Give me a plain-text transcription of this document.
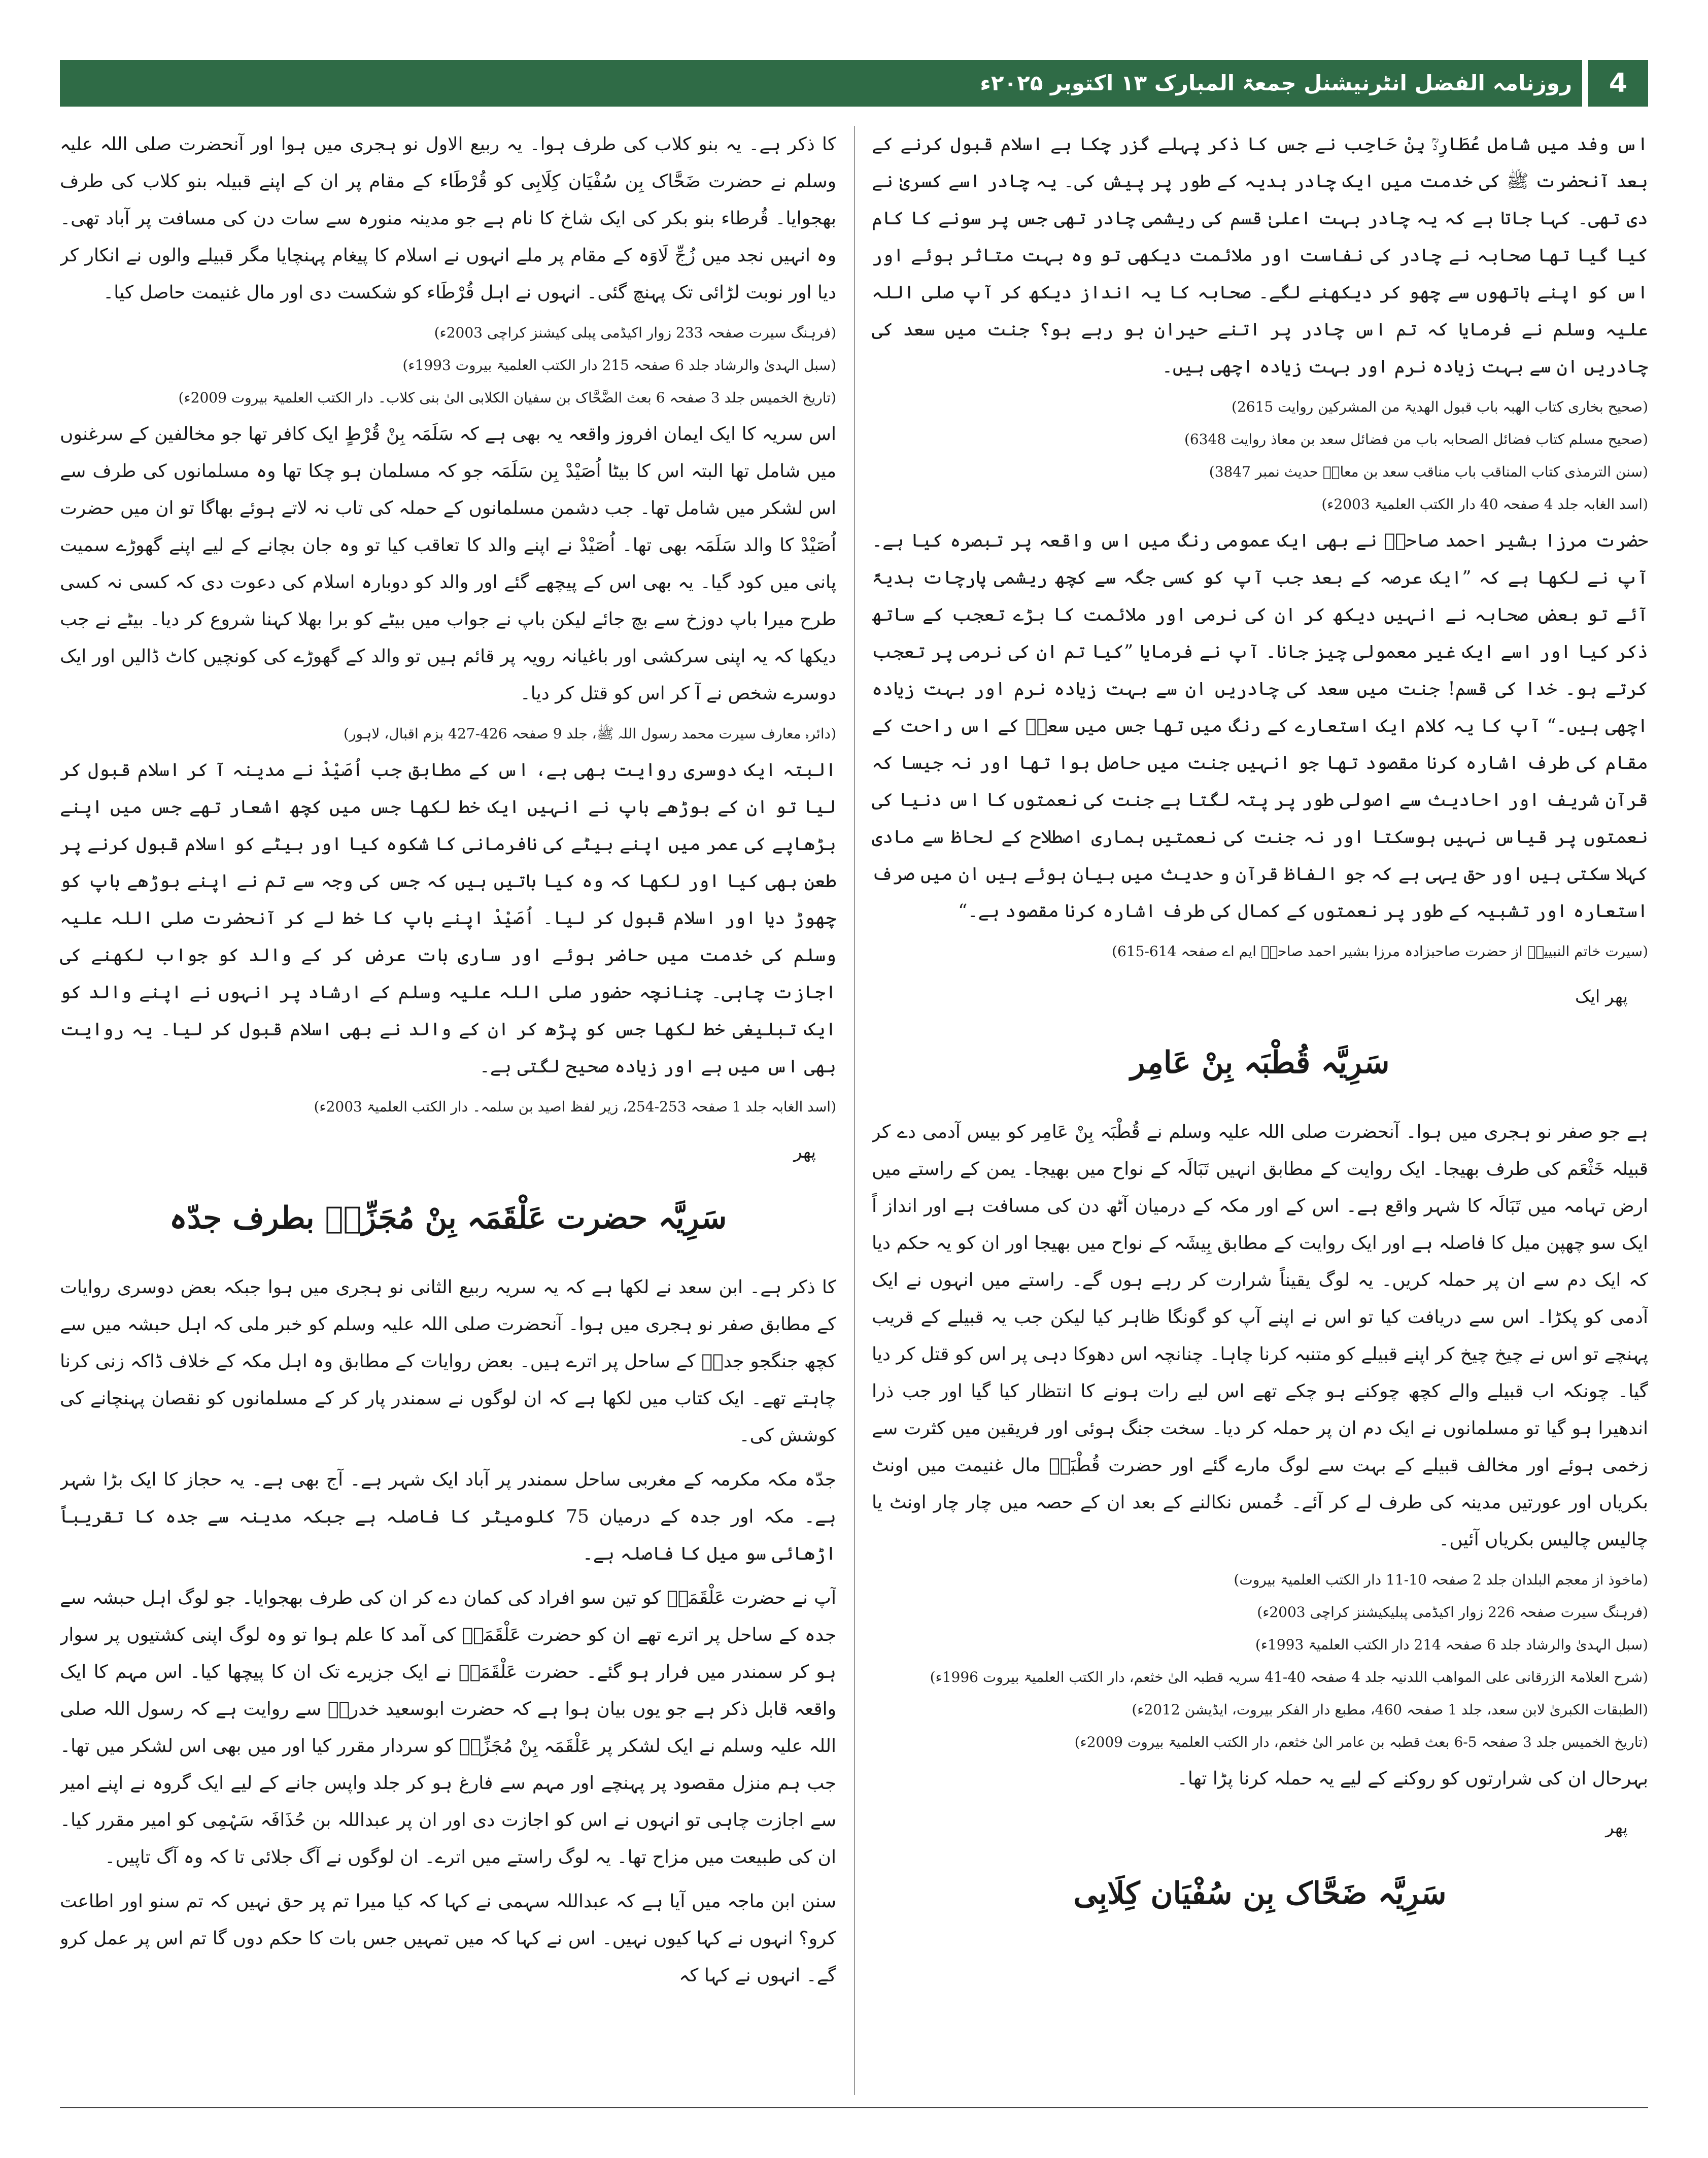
روزنامہ الفضل انٹرنیشنل جمعۃ المبارک ۱۳ اکتوبر ۲۰۲۵ء	4

اس وفد میں شامل عُطَارِدؒ بِنْ حَاجِب نے جس کا ذکر پہلے گزر چکا ہے اسلام قبول کرنے کے بعد آنحضرت ﷺ کی خدمت میں ایک چادر ہدیہ کے طور پر پیش کی۔ یہ چادر اسے کسریٰ نے دی تھی۔ کہا جاتا ہے کہ یہ چادر بہت اعلیٰ قسم کی ریشمی چادر تھی جس پر سونے کا کام کیا گیا تھا صحابہ نے چادر کی نفاست اور ملائمت دیکھی تو وہ بہت متاثر ہوئے اور اس کو اپنے ہاتھوں سے چھو کر دیکھنے لگے۔ صحابہ کا یہ انداز دیکھ کر آپ صلی اللہ علیہ وسلم نے فرمایا کہ تم اس چادر پر اتنے حیران ہو رہے ہو؟ جنت میں سعد کی چادریں ان سے بہت زیادہ نرم اور بہت زیادہ اچھی ہیں۔

(صحیح بخاری کتاب الھبہ باب قبول الھدیۃ من المشرکین روایت 2615)

(صحیح مسلم کتاب فضائل الصحابہ باب من فضائل سعد بن معاذ روایت 6348)

(سنن الترمذی کتاب المناقب باب مناقب سعد بن معاذؓ حدیث نمبر 3847)

(اسد الغابہ جلد 4 صفحہ 40 دار الکتب العلمیۃ 2003ء)

حضرت مرزا بشیر احمد صاحبؓ نے بھی ایک عمومی رنگ میں اس واقعہ پر تبصرہ کیا ہے۔ آپ نے لکھا ہے کہ ”ایک عرصہ کے بعد جب آپ کو کسی جگہ سے کچھ ریشمی پارچات ہدیۃً آئے تو بعض صحابہ نے انہیں دیکھ کر ان کی نرمی اور ملائمت کا بڑے تعجب کے ساتھ ذکر کیا اور اسے ایک غیر معمولی چیز جانا۔ آپ نے فرمایا ”کیا تم ان کی نرمی پر تعجب کرتے ہو۔ خدا کی قسم! جنت میں سعد کی چادریں ان سے بہت زیادہ نرم اور بہت زیادہ اچھی ہیں۔“ آپ کا یہ کلام ایک استعارے کے رنگ میں تھا جس میں سعدؓ کے اس راحت کے مقام کی طرف اشارہ کرنا مقصود تھا جو انہیں جنت میں حاصل ہوا تھا اور نہ جیسا کہ قرآن شریف اور احادیث سے اصولی طور پر پتہ لگتا ہے جنت کی نعمتوں کا اس دنیا کی نعمتوں پر قیاس نہیں ہوسکتا اور نہ جنت کی نعمتیں ہماری اصطلاح کے لحاظ سے مادی کہلا سکتی ہیں اور حق یہی ہے کہ جو الفاظ قرآن و حدیث میں بیان ہوئے ہیں ان میں صرف استعارہ اور تشبیہ کے طور پر نعمتوں کے کمال کی طرف اشارہ کرنا مقصود ہے۔“

(سیرت خاتم النبیینؐ از حضرت صاحبزادہ مرزا بشیر احمد صاحبؓ ایم اے صفحہ 614-615)

پھر ایک
سَرِیَّہ قُطْبَہ بِنْ عَامِر

ہے جو صفر نو ہجری میں ہوا۔ آنحضرت صلی اللہ علیہ وسلم نے قُطْبَہ بِنْ عَامِر کو بیس آدمی دے کر قبیلہ خَثْعَم کی طرف بھیجا۔ ایک روایت کے مطابق انہیں تَبَالَہ کے نواح میں بھیجا۔ یمن کے راستے میں ارض تہامہ میں تَبَالَہ کا شہر واقع ہے۔ اس کے اور مکہ کے درمیان آٹھ دن کی مسافت ہے اور انداز اً ایک سو چھپن میل کا فاصلہ ہے اور ایک روایت کے مطابق بِیشَہ کے نواح میں بھیجا اور ان کو یہ حکم دیا کہ ایک دم سے ان پر حملہ کریں۔ یہ لوگ یقیناً شرارت کر رہے ہوں گے۔ راستے میں انہوں نے ایک آدمی کو پکڑا۔ اس سے دریافت کیا تو اس نے اپنے آپ کو گونگا ظاہر کیا لیکن جب یہ قبیلے کے قریب پہنچے تو اس نے چیخ چیخ کر اپنے قبیلے کو متنبہ کرنا چاہا۔ چنانچہ اس دھوکا دہی پر اس کو قتل کر دیا گیا۔ چونکہ اب قبیلے والے کچھ چوکنے ہو چکے تھے اس لیے رات ہونے کا انتظار کیا گیا اور جب ذرا اندھیرا ہو گیا تو مسلمانوں نے ایک دم ان پر حملہ کر دیا۔ سخت جنگ ہوئی اور فریقین میں کثرت سے زخمی ہوئے اور مخالف قبیلے کے بہت سے لوگ مارے گئے اور حضرت قُطْبَہؓ مال غنیمت میں اونٹ بکریاں اور عورتیں مدینہ کی طرف لے کر آئے۔ خُمس نکالنے کے بعد ان کے حصہ میں چار چار اونٹ یا چالیس چالیس بکریاں آئیں۔

(ماخوذ از معجم البلدان جلد 2 صفحہ 10-11 دار الکتب العلمیۃ بیروت)

(فرہنگ سیرت صفحہ 226 زوار اکیڈمی پبلیکیشنز کراچی 2003ء)

(سبل الہدیٰ والرشاد جلد 6 صفحہ 214 دار الکتب العلمیۃ 1993ء)

(شرح العلامۃ الزرقانی علی المواھب اللدنیہ جلد 4 صفحہ 40-41 سریہ قطبہ الیٰ خثعم، دار الکتب العلمیۃ بیروت 1996ء)

(الطبقات الکبریٰ لابن سعد، جلد 1 صفحہ 460، مطبع دار الفکر بیروت، ایڈیشن 2012ء)

(تاریخ الخمیس جلد 3 صفحہ 5-6 بعث قطبہ بن عامر الیٰ خثعم، دار الکتب العلمیۃ بیروت 2009ء)

بہرحال ان کی شرارتوں کو روکنے کے لیے یہ حملہ کرنا پڑا تھا۔

پھر
سَرِیَّہ ضَحَّاک بِن سُفْیَان کِلَابِی

کا ذکر ہے۔ یہ بنو کلاب کی طرف ہوا۔ یہ ربیع الاول نو ہجری میں ہوا اور آنحضرت صلی اللہ علیہ وسلم نے حضرت ضَحَّاک بِن سُفْیَان کِلَابِی کو قُرْطَاء کے مقام پر ان کے اپنے قبیلہ بنو کلاب کی طرف بھجوایا۔ قُرطاء بنو بکر کی ایک شاخ کا نام ہے جو مدینہ منورہ سے سات دن کی مسافت پر آباد تھی۔ وہ انہیں نجد میں زُجِّ لَاوَہ کے مقام پر ملے انہوں نے اسلام کا پیغام پہنچایا مگر قبیلے والوں نے انکار کر دیا اور نوبت لڑائی تک پہنچ گئی۔ انہوں نے اہل قُرْطَاء کو شکست دی اور مال غنیمت حاصل کیا۔

(فرہنگ سیرت صفحہ 233 زوار اکیڈمی پبلی کیشنز کراچی 2003ء)

(سبل الہدیٰ والرشاد جلد 6 صفحہ 215 دار الکتب العلمیۃ بیروت 1993ء)

(تاریخ الخمیس جلد 3 صفحہ 6 بعث الضَّحَّاک بن سفیان الکلابی الیٰ بنی کلاب۔ دار الکتب العلمیۃ بیروت 2009ء)

اس سریہ کا ایک ایمان افروز واقعہ یہ بھی ہے کہ سَلَمَہ بِنْ قُرْطٍ ایک کافر تھا جو مخالفین کے سرغنوں میں شامل تھا البتہ اس کا بیٹا اُصَیْدْ بِن سَلَمَہ جو کہ مسلمان ہو چکا تھا وہ مسلمانوں کی طرف سے اس لشکر میں شامل تھا۔ جب دشمن مسلمانوں کے حملہ کی تاب نہ لاتے ہوئے بھاگا تو ان میں حضرت اُصَیْدْ کا والد سَلَمَہ بھی تھا۔ اُصَیْدْ نے اپنے والد کا تعاقب کیا تو وہ جان بچانے کے لیے اپنے گھوڑے سمیت پانی میں کود گیا۔ یہ بھی اس کے پیچھے گئے اور والد کو دوبارہ اسلام کی دعوت دی کہ کسی نہ کسی طرح میرا باپ دوزخ سے بچ جائے لیکن باپ نے جواب میں بیٹے کو برا بھلا کہنا شروع کر دیا۔ بیٹے نے جب دیکھا کہ یہ اپنی سرکشی اور باغیانہ رویہ پر قائم ہیں تو والد کے گھوڑے کی کونچیں کاٹ ڈالیں اور ایک دوسرے شخص نے آ کر اس کو قتل کر دیا۔

(دائرہ معارف سیرت محمد رسول اللہ ﷺ، جلد 9 صفحہ 426-427 بزم اقبال، لاہور)

البتہ ایک دوسری روایت بھی ہے، اس کے مطابق جب اُصَیْدْ نے مدینہ آ کر اسلام قبول کر لیا تو ان کے بوڑھے باپ نے انہیں ایک خط لکھا جس میں کچھ اشعار تھے جس میں اپنے بڑھاپے کی عمر میں اپنے بیٹے کی نافرمانی کا شکوہ کیا اور بیٹے کو اسلام قبول کرنے پر طعن بھی کیا اور لکھا کہ وہ کیا باتیں ہیں کہ جس کی وجہ سے تم نے اپنے بوڑھے باپ کو چھوڑ دیا اور اسلام قبول کر لیا۔ اُصَیْدْ اپنے باپ کا خط لے کر آنحضرت صلی اللہ علیہ وسلم کی خدمت میں حاضر ہوئے اور ساری بات عرض کر کے والد کو جواب لکھنے کی اجازت چاہی۔ چنانچہ حضور صلی اللہ علیہ وسلم کے ارشاد پر انہوں نے اپنے والد کو ایک تبلیغی خط لکھا جس کو پڑھ کر ان کے والد نے بھی اسلام قبول کر لیا۔ یہ روایت بھی اس میں ہے اور زیادہ صحیح لگتی ہے۔

(اسد الغابہ جلد 1 صفحہ 253-254، زیر لفظ اصید بن سلمہ۔ دار الکتب العلمیۃ 2003ء)

پھر
سَرِیَّہ حضرت عَلْقَمَہ بِنْ مُجَزِّزؓ بطرف جدّہ

کا ذکر ہے۔ ابن سعد نے لکھا ہے کہ یہ سریہ ربیع الثانی نو ہجری میں ہوا جبکہ بعض دوسری روایات کے مطابق صفر نو ہجری میں ہوا۔ آنحضرت صلی اللہ علیہ وسلم کو خبر ملی کہ اہل حبشہ میں سے کچھ جنگجو جدہؔ کے ساحل پر اترے ہیں۔ بعض روایات کے مطابق وہ اہل مکہ کے خلاف ڈاکہ زنی کرنا چاہتے تھے۔ ایک کتاب میں لکھا ہے کہ ان لوگوں نے سمندر پار کر کے مسلمانوں کو نقصان پہنچانے کی کوشش کی۔

جدّہ مکہ مکرمہ کے مغربی ساحل سمندر پر آباد ایک شہر ہے۔ آج بھی ہے۔ یہ حجاز کا ایک بڑا شہر ہے۔ مکہ اور جدہ کے درمیان 75 کلومیٹر کا فاصلہ ہے جبکہ مدینہ سے جدہ کا تقریباً اڑھائی سو میل کا فاصلہ ہے۔

آپ نے حضرت عَلْقَمَہؓ کو تین سو افراد کی کمان دے کر ان کی طرف بھجوایا۔ جو لوگ اہل حبشہ سے جدہ کے ساحل پر اترے تھے ان کو حضرت عَلْقَمَہؓ کی آمد کا علم ہوا تو وہ لوگ اپنی کشتیوں پر سوار ہو کر سمندر میں فرار ہو گئے۔ حضرت عَلْقَمَہؓ نے ایک جزیرے تک ان کا پیچھا کیا۔ اس مہم کا ایک واقعہ قابل ذکر ہے جو یوں بیان ہوا ہے کہ حضرت ابوسعید خدریؓ سے روایت ہے کہ رسول اللہ صلی اللہ علیہ وسلم نے ایک لشکر پر عَلْقَمَہ بِنْ مُجَزِّزؓ کو سردار مقرر کیا اور میں بھی اس لشکر میں تھا۔ جب ہم منزل مقصود پر پہنچے اور مہم سے فارغ ہو کر جلد واپس جانے کے لیے ایک گروہ نے اپنے امیر سے اجازت چاہی تو انہوں نے اس کو اجازت دی اور ان پر عبداللہ بن حُذَافَہ سَہْمِی کو امیر مقرر کیا۔ ان کی طبیعت میں مزاح تھا۔ یہ لوگ راستے میں اترے۔ ان لوگوں نے آگ جلائی تا کہ وہ آگ تاپیں۔

سنن ابن ماجہ میں آیا ہے کہ عبداللہ سہمی نے کہا کہ کیا میرا تم پر حق نہیں کہ تم سنو اور اطاعت کرو؟ انہوں نے کہا کیوں نہیں۔ اس نے کہا کہ میں تمہیں جس بات کا حکم دوں گا تم اس پر عمل کرو گے۔ انہوں نے کہا کہ
